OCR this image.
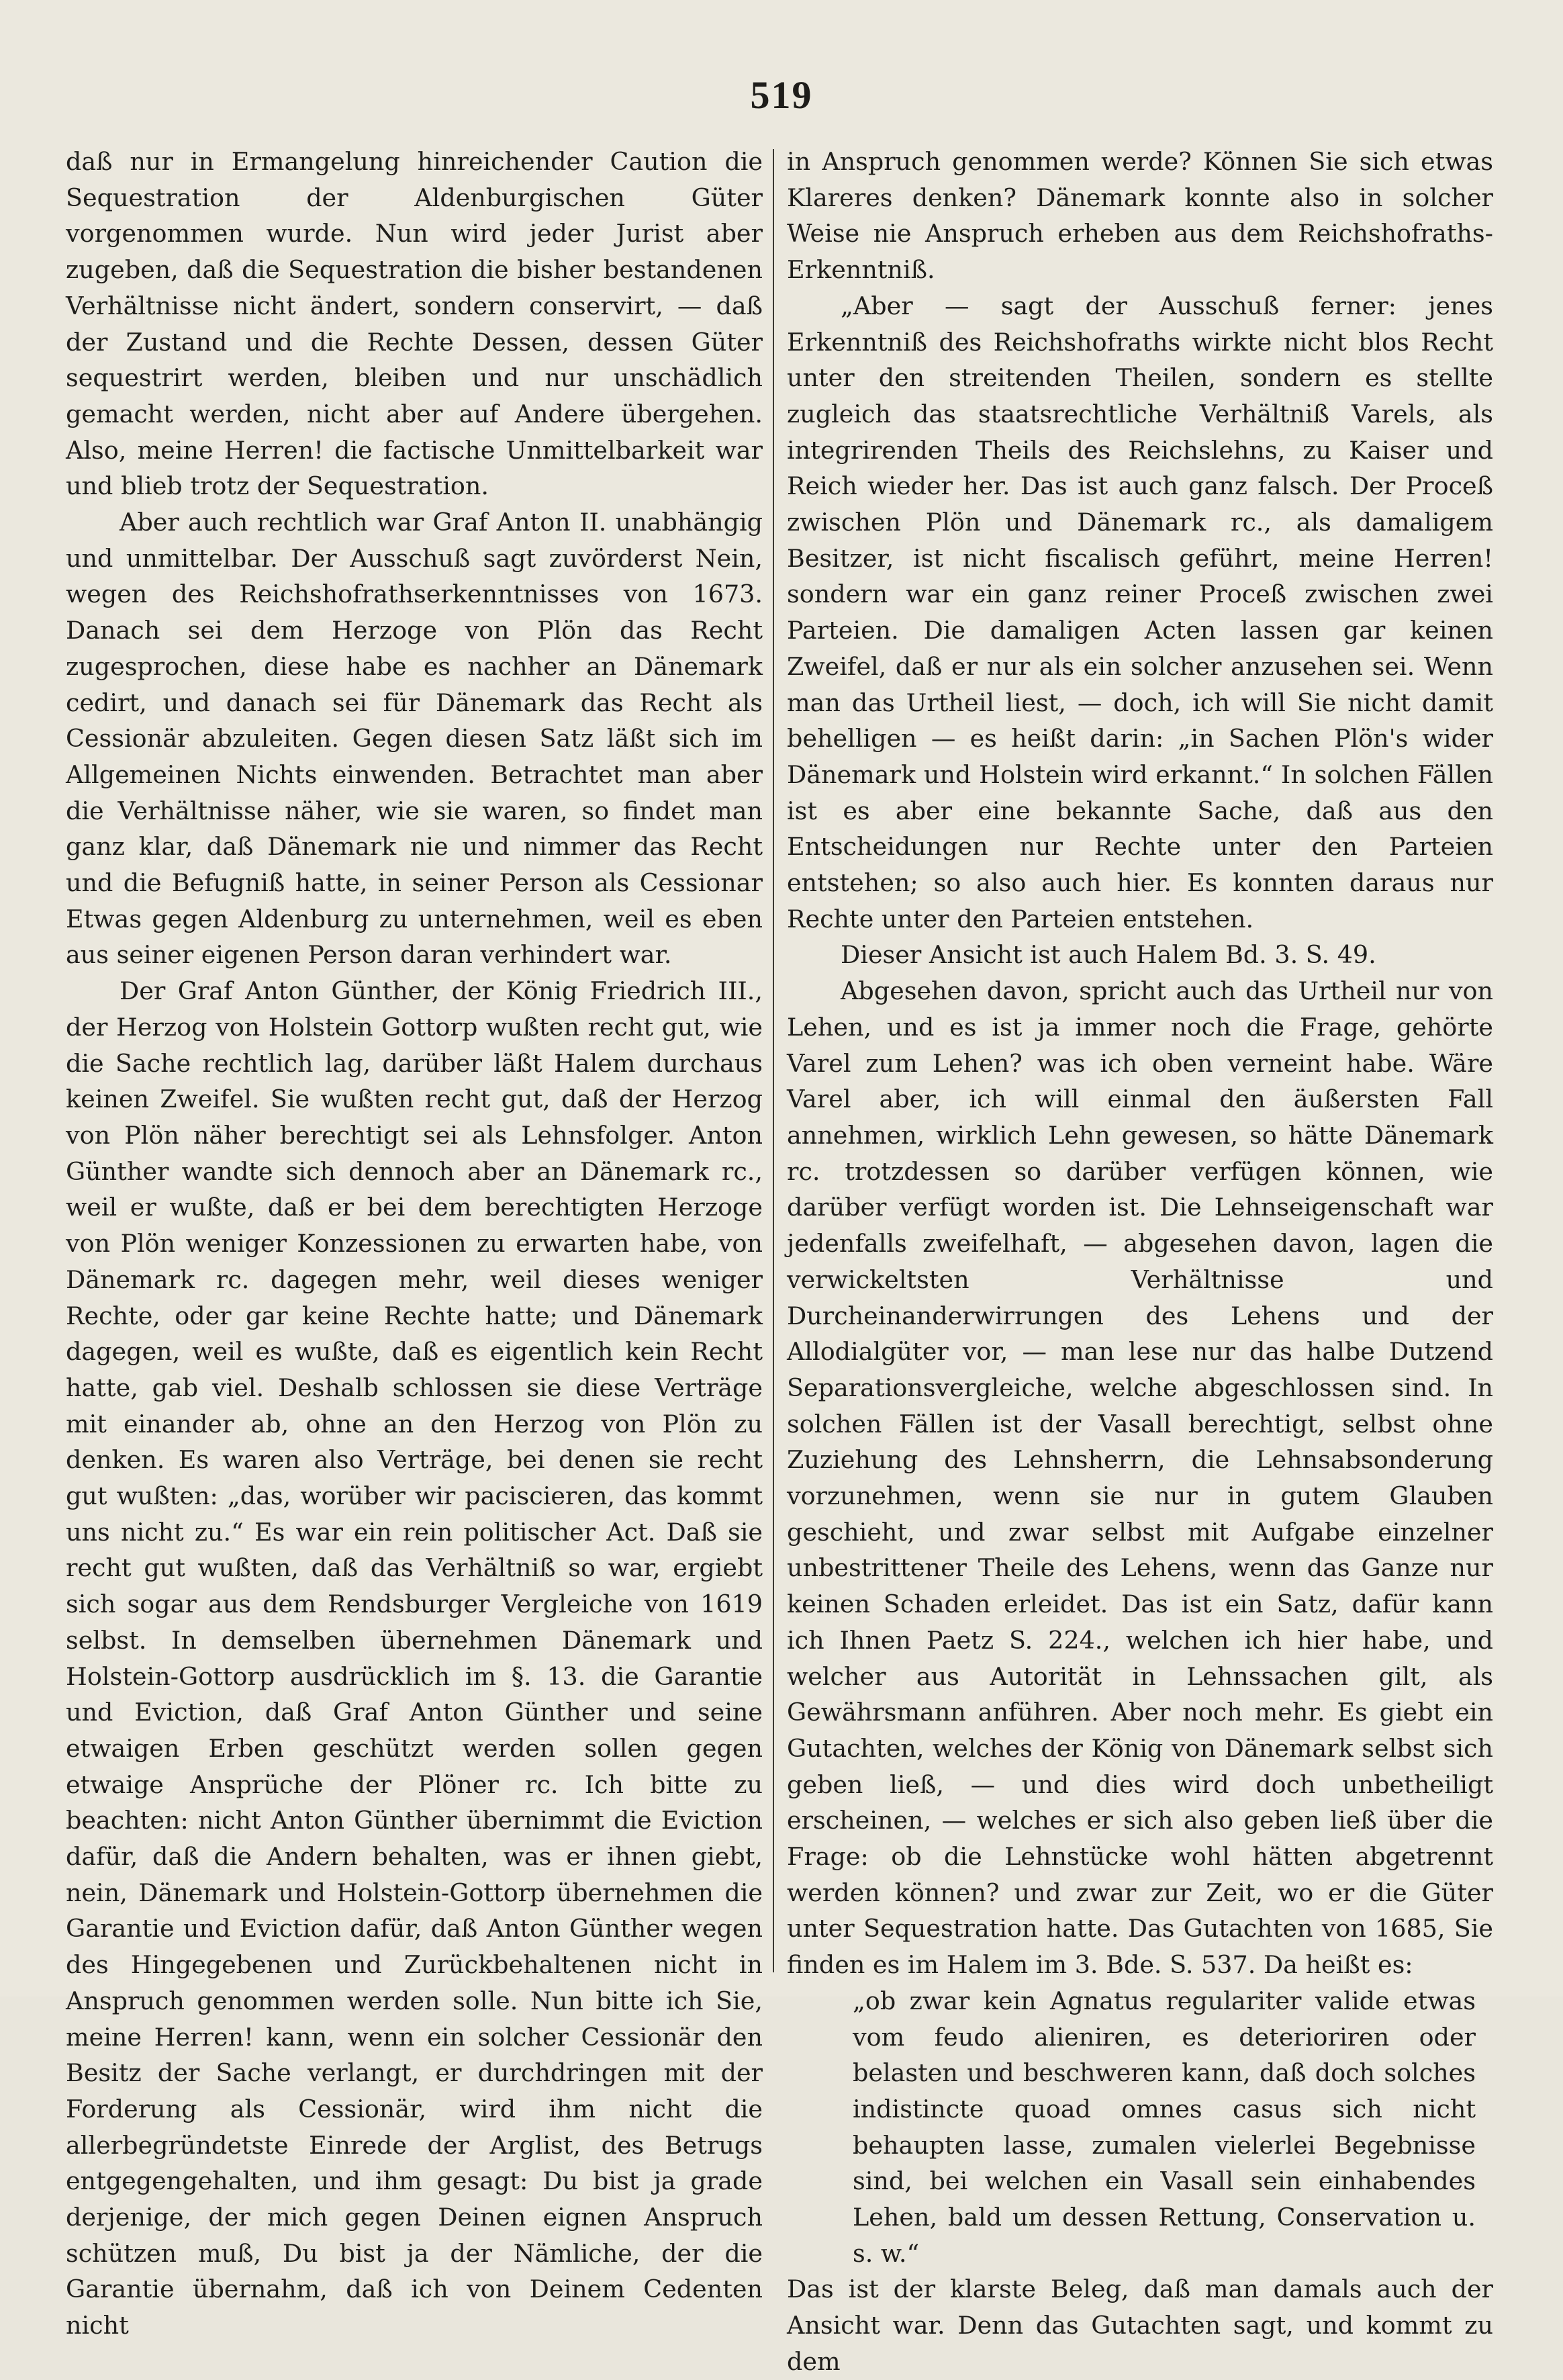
519

daß nur in Ermangelung hinreichender Caution die Sequestration der Aldenburgischen Güter vorgenommen wurde. Nun wird jeder Jurist aber zugeben, daß die Sequestration die bisher bestandenen Verhältnisse nicht ändert, sondern conservirt, — daß der Zustand und die Rechte Dessen, dessen Güter sequestrirt werden, bleiben und nur unschädlich gemacht werden, nicht aber auf Andere übergehen. Also, meine Herren! die factische Unmittelbarkeit war und blieb trotz der Sequestration.

Aber auch rechtlich war Graf Anton II. unabhängig und unmittelbar. Der Ausschuß sagt zuvörderst Nein, wegen des Reichshofrathserkenntnisses von 1673. Danach sei dem Herzoge von Plön das Recht zugesprochen, diese habe es nachher an Dänemark cedirt, und danach sei für Dänemark das Recht als Cessionär abzuleiten. Gegen diesen Satz läßt sich im Allgemeinen Nichts einwenden. Betrachtet man aber die Verhältnisse näher, wie sie waren, so findet man ganz klar, daß Dänemark nie und nimmer das Recht und die Befugniß hatte, in seiner Person als Cessionar Etwas gegen Aldenburg zu unternehmen, weil es eben aus seiner eigenen Person daran verhindert war.

Der Graf Anton Günther, der König Friedrich III., der Herzog von Holstein Gottorp wußten recht gut, wie die Sache rechtlich lag, darüber läßt Halem durchaus keinen Zweifel. Sie wußten recht gut, daß der Herzog von Plön näher berechtigt sei als Lehnsfolger. Anton Günther wandte sich dennoch aber an Dänemark rc., weil er wußte, daß er bei dem berechtigten Herzoge von Plön weniger Konzessionen zu erwarten habe, von Dänemark rc. dagegen mehr, weil dieses weniger Rechte, oder gar keine Rechte hatte; und Dänemark dagegen, weil es wußte, daß es eigentlich kein Recht hatte, gab viel. Deshalb schlossen sie diese Verträge mit einander ab, ohne an den Herzog von Plön zu denken. Es waren also Verträge, bei denen sie recht gut wußten: „das, worüber wir paciscieren, das kommt uns nicht zu.“ Es war ein rein politischer Act. Daß sie recht gut wußten, daß das Verhältniß so war, ergiebt sich sogar aus dem Rendsburger Vergleiche von 1619 selbst. In demselben übernehmen Dänemark und Holstein-Gottorp ausdrücklich im §. 13. die Garantie und Eviction, daß Graf Anton Günther und seine etwaigen Erben geschützt werden sollen gegen etwaige Ansprüche der Plöner rc. Ich bitte zu beachten: nicht Anton Günther übernimmt die Eviction dafür, daß die Andern behalten, was er ihnen giebt, nein, Dänemark und Holstein-Gottorp übernehmen die Garantie und Eviction dafür, daß Anton Günther wegen des Hingegebenen und Zurückbehaltenen nicht in Anspruch genommen werden solle. Nun bitte ich Sie, meine Herren! kann, wenn ein solcher Cessionär den Besitz der Sache verlangt, er durchdringen mit der Forderung als Cessionär, wird ihm nicht die allerbegründetste Einrede der Arglist, des Betrugs entgegengehalten, und ihm gesagt: Du bist ja grade derjenige, der mich gegen Deinen eignen Anspruch schützen muß, Du bist ja der Nämliche, der die Garantie übernahm, daß ich von Deinem Cedenten nicht

in Anspruch genommen werde? Können Sie sich etwas Klareres denken? Dänemark konnte also in solcher Weise nie Anspruch erheben aus dem Reichshofraths-Erkenntniß.

„Aber — sagt der Ausschuß ferner: jenes Erkenntniß des Reichshofraths wirkte nicht blos Recht unter den streitenden Theilen, sondern es stellte zugleich das staatsrechtliche Verhältniß Varels, als integrirenden Theils des Reichslehns, zu Kaiser und Reich wieder her. Das ist auch ganz falsch. Der Proceß zwischen Plön und Dänemark rc., als damaligem Besitzer, ist nicht fiscalisch geführt, meine Herren! sondern war ein ganz reiner Proceß zwischen zwei Parteien. Die damaligen Acten lassen gar keinen Zweifel, daß er nur als ein solcher anzusehen sei. Wenn man das Urtheil liest, — doch, ich will Sie nicht damit behelligen — es heißt darin: „in Sachen Plön's wider Dänemark und Holstein wird erkannt.“ In solchen Fällen ist es aber eine bekannte Sache, daß aus den Entscheidungen nur Rechte unter den Parteien entstehen; so also auch hier. Es konnten daraus nur Rechte unter den Parteien entstehen.

Dieser Ansicht ist auch Halem Bd. 3. S. 49.

Abgesehen davon, spricht auch das Urtheil nur von Lehen, und es ist ja immer noch die Frage, gehörte Varel zum Lehen? was ich oben verneint habe. Wäre Varel aber, ich will einmal den äußersten Fall annehmen, wirklich Lehn gewesen, so hätte Dänemark rc. trotzdessen so darüber verfügen können, wie darüber verfügt worden ist. Die Lehnseigenschaft war jedenfalls zweifelhaft, — abgesehen davon, lagen die verwickeltsten Verhältnisse und Durcheinanderwirrungen des Lehens und der Allodialgüter vor, — man lese nur das halbe Dutzend Separationsvergleiche, welche abgeschlossen sind. In solchen Fällen ist der Vasall berechtigt, selbst ohne Zuziehung des Lehnsherrn, die Lehnsabsonderung vorzunehmen, wenn sie nur in gutem Glauben geschieht, und zwar selbst mit Aufgabe einzelner unbestrittener Theile des Lehens, wenn das Ganze nur keinen Schaden erleidet. Das ist ein Satz, dafür kann ich Ihnen Paetz S. 224., welchen ich hier habe, und welcher aus Autorität in Lehnssachen gilt, als Gewährsmann anführen. Aber noch mehr. Es giebt ein Gutachten, welches der König von Dänemark selbst sich geben ließ, — und dies wird doch unbetheiligt erscheinen, — welches er sich also geben ließ über die Frage: ob die Lehnstücke wohl hätten abgetrennt werden können? und zwar zur Zeit, wo er die Güter unter Sequestration hatte. Das Gutachten von 1685, Sie finden es im Halem im 3. Bde. S. 537. Da heißt es:

„ob zwar kein Agnatus regulariter valide etwas vom feudo alieniren, es deterioriren oder belasten und beschweren kann, daß doch solches indistincte quoad omnes casus sich nicht behaupten lasse, zumalen vielerlei Begebnisse sind, bei welchen ein Vasall sein einhabendes Lehen, bald um dessen Rettung, Conservation u. s. w.“

Das ist der klarste Beleg, daß man damals auch der Ansicht war. Denn das Gutachten sagt, und kommt zu dem
